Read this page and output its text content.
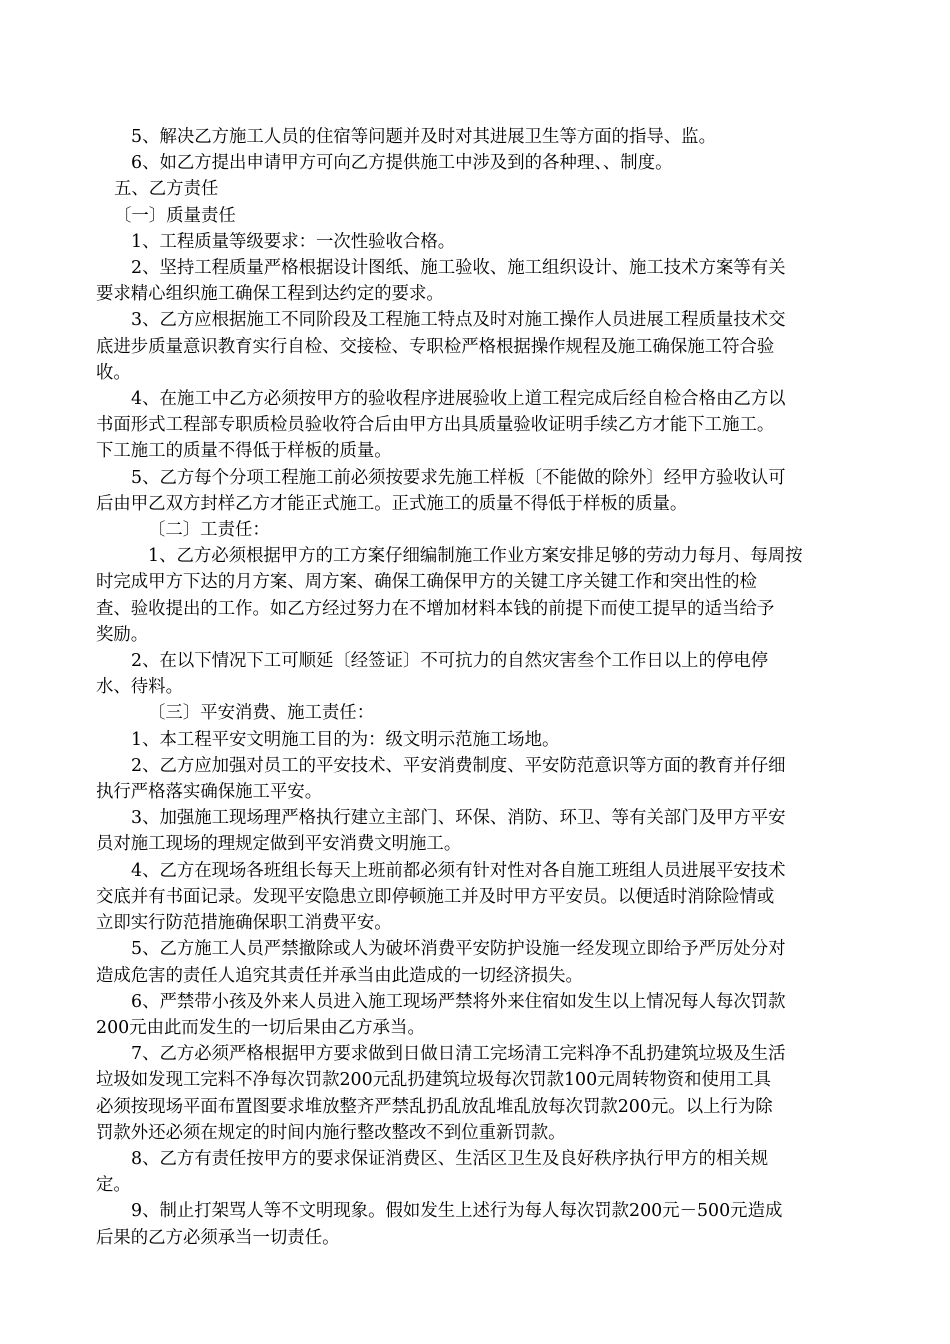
5、解决乙方施工人员的住宿等问题并及时对其进展卫生等方面的指导、监。

6、如乙方提出申请甲方可向乙方提供施工中涉及到的各种理、、制度。

五、乙方责任

〔一〕质量责任

1、工程质量等级要求：一次性验收合格。

2、坚持工程质量严格根据设计图纸、施工验收、施工组织设计、施工技术方案等有关

要求精心组织施工确保工程到达约定的要求。

3、乙方应根据施工不同阶段及工程施工特点及时对施工操作人员进展工程质量技术交

底进步质量意识教育实行自检、交接检、专职检严格根据操作规程及施工确保施工符合验

收。

4、在施工中乙方必须按甲方的验收程序进展验收上道工程完成后经自检合格由乙方以

书面形式工程部专职质检员验收符合后由甲方出具质量验收证明手续乙方才能下工施工。

下工施工的质量不得低于样板的质量。

5、乙方每个分项工程施工前必须按要求先施工样板〔不能做的除外〕经甲方验收认可

后由甲乙双方封样乙方才能正式施工。正式施工的质量不得低于样板的质量。

〔二〕工责任：

1、乙方必须根据甲方的工方案仔细编制施工作业方案安排足够的劳动力每月、每周按

时完成甲方下达的月方案、周方案、确保工确保甲方的关键工序关键工作和突出性的检

查、验收提出的工作。如乙方经过努力在不增加材料本钱的前提下而使工提早的适当给予

奖励。

2、在以下情况下工可顺延〔经签证〕不可抗力的自然灾害叁个工作日以上的停电停

水、待料。

〔三〕平安消费、施工责任：

1、本工程平安文明施工目的为：级文明示范施工场地。

2、乙方应加强对员工的平安技术、平安消费制度、平安防范意识等方面的教育并仔细

执行严格落实确保施工平安。

3、加强施工现场理严格执行建立主部门、环保、消防、环卫、等有关部门及甲方平安

员对施工现场的理规定做到平安消费文明施工。

4、乙方在现场各班组长每天上班前都必须有针对性对各自施工班组人员进展平安技术

交底并有书面记录。发现平安隐患立即停顿施工并及时甲方平安员。以便适时消除险情或

立即实行防范措施确保职工消费平安。

5、乙方施工人员严禁撤除或人为破坏消费平安防护设施一经发现立即给予严厉处分对

造成危害的责任人追究其责任并承当由此造成的一切经济损失。

6、严禁带小孩及外来人员进入施工现场严禁将外来住宿如发生以上情况每人每次罚款

200元由此而发生的一切后果由乙方承当。

7、乙方必须严格根据甲方要求做到日做日清工完场清工完料净不乱扔建筑垃圾及生活

垃圾如发现工完料不净每次罚款200元乱扔建筑垃圾每次罚款100元周转物资和使用工具

必须按现场平面布置图要求堆放整齐严禁乱扔乱放乱堆乱放每次罚款200元。以上行为除

罚款外还必须在规定的时间内施行整改整改不到位重新罚款。

8、乙方有责任按甲方的要求保证消费区、生活区卫生及良好秩序执行甲方的相关规

定。

9、制止打架骂人等不文明现象。假如发生上述行为每人每次罚款200元－500元造成

后果的乙方必须承当一切责任。
